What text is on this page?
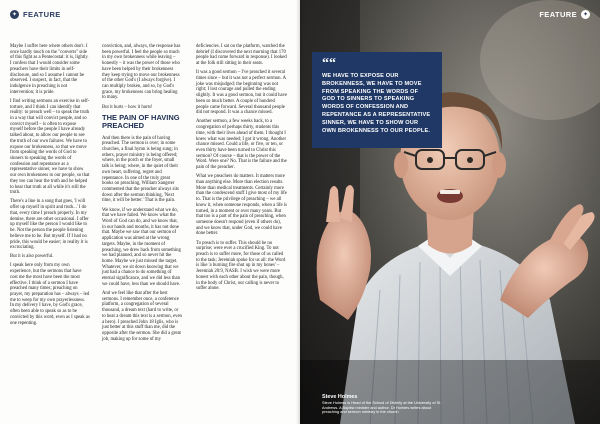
✦ FEATURE

Maybe I suffer here where others don't. I once hardly touch on the "converts" side of this fight as a Pentecostal: it is, lightly. I confess that I would consider some preachers have their limits in self-disclosure, and so I assume I cannot be observed. I suspect, in fact, that the indulgence in preaching is not intervention; it is pride.

I find writing sermons an exercise in self-torture, and I think I can identify that reality: to preach well – to speak the truth in a way that will convict people, and so convict myself – is often to expose myself before the people I have already talked about, to allow our people to see the truth of our own failures. We have to expose our brokenness, so that we move from speaking the words of God to sinners to speaking the words of confession and repentance as a representative sinner, we have to show our own brokenness to our people, so that they too can hear the truth and be helped to hear that truth at all while it's still the truth.

There's a line in a song that goes, 'I will offer up myself in spirit and truth...' I do that, every time I preach properly. In my demise, there are other occasional. I offer up myself like the person I would like to be. Not the person the people listening believe me to be. But myself. If I had no pride, this would be easier; in reality it is excruciating.

But it is also powerful.

I speak here only from my own experience, but the sermons that have cost me the most have been the most effective. I think of a sermon I have preached many times; preaching on prayer, my preparation has – always – led me to weep for my own prayerlessness. In my delivery I have, by God's grace, often been able to speak so as to be convicted by this word, even as I speak as one repenting.

conviction, and, always, the response has been powerful. I feel the people so much in my own brokenness while leaving – honestly – it was the power of those who have been helped by their brokenness they keep trying to move our brokenness of the other God's (I always forgive). I can multiply broken, and so, by God's grace, my brokenness can bring healing to many.

But it hurts – how it hurts!

THE PAIN OF HAVING PREACHED

And then there is the pain of having preached. The sermon is over; in some churches, a final hymn is being sung; in others, prayer ministry is being offered; where, in the porch or the foyer, small talk is being; where, in the quiet of their own heart, suffering, regret and repentance. In one of the truly great books on preaching, William Sangster commented that the preacher always sits down after the sermon thinking, 'Next time, it will be better.' That is the pain.

We know, if we understand what we do, that we have failed. We know what the Word of God can do, and we know that, in our hands and mouths, it has not done that. Maybe we saw that our sermon of application was aimed at the wrong targets. Maybe, in the moment of preaching, we drew back from something we had planned, and so never hit the home. Maybe we just missed the target. Whatever, we sit down knowing that we just had a chance to do something of eternal significance, and we did less than we could have, less than we should have.

And we feel like that after the best sermons. I remember once, a conference platform, a congregation of several thousand, a dream text (hard to write, or to hear a dream this text is a sermon, even a hero). I preached John 18 Iglis, who is just better at this stuff than me, did the opposite after the sermon. She did a great job, making up for some of my

deficiencies. I sat on the platform, watched the debrief (I discovered the next morning that 170 people had come forward in response). I looked at the folk still sitting in their seats.

It was a good sermon – I've preached it several times since – but it was not a perfect sermon. A joke was misjudged; the beginning was not right; I lost courage and pulled the ending slightly. It was a good sermon, but it could have been so much better. A couple of hundred people came forward. Several thousand people did not respond. It was a chance missed.

Another sermon, a few weeks back, to a congregation of perhaps thirty, students this time, with their lives ahead of them. I thought I knew what was needed; I got it wrong. Another chance missed. Could a life, or five, or ten, or even thirty have been turned to Christ this sermon? Of course – that is the power of the Word. Were one? No. That is the failure and the pain of the preacher.

What we preachers do matters. It matters more than anything else. More than election results. More than medical treatments. Certainly more than the condescend stuff I give most of my life to. That is the privilege of preaching – we all know it, when someone responds, when a life is turned, in a moment or over many years. But that too is a part of the pain of preaching, when someone doesn't respond (even if others do), and we know that, under God, we could have done better.

To preach is to suffer. This should be no surprise; were ever a crucified King. To not preach is to suffer more, for those of us called to the task; Jeremiah spoke for us all: the Word is like 'a burning fire shut up in my bones' – Jeremiah 20:9, NASB. I wish we were more honest with each other about the pain, though, in the body of Christ, our calling is never to suffer alone.

FEATURE ✦
““
WE HAVE TO EXPOSE OUR BROKENNESS, WE HAVE TO MOVE FROM SPEAKING THE WORDS OF GOD TO SINNERS TO SPEAKING WORDS OF CONFESSION AND REPENTANCE AS A REPRESENTATIVE SINNER, WE HAVE TO SHOW OUR OWN BROKENNESS TO OUR PEOPLE.
Steve Holmes
Steve Holmes is Head of the School of Divinity at the University of St Andrews. A Baptist minister and author. Dr Holmes writes about preaching and sermon ministry in the church
